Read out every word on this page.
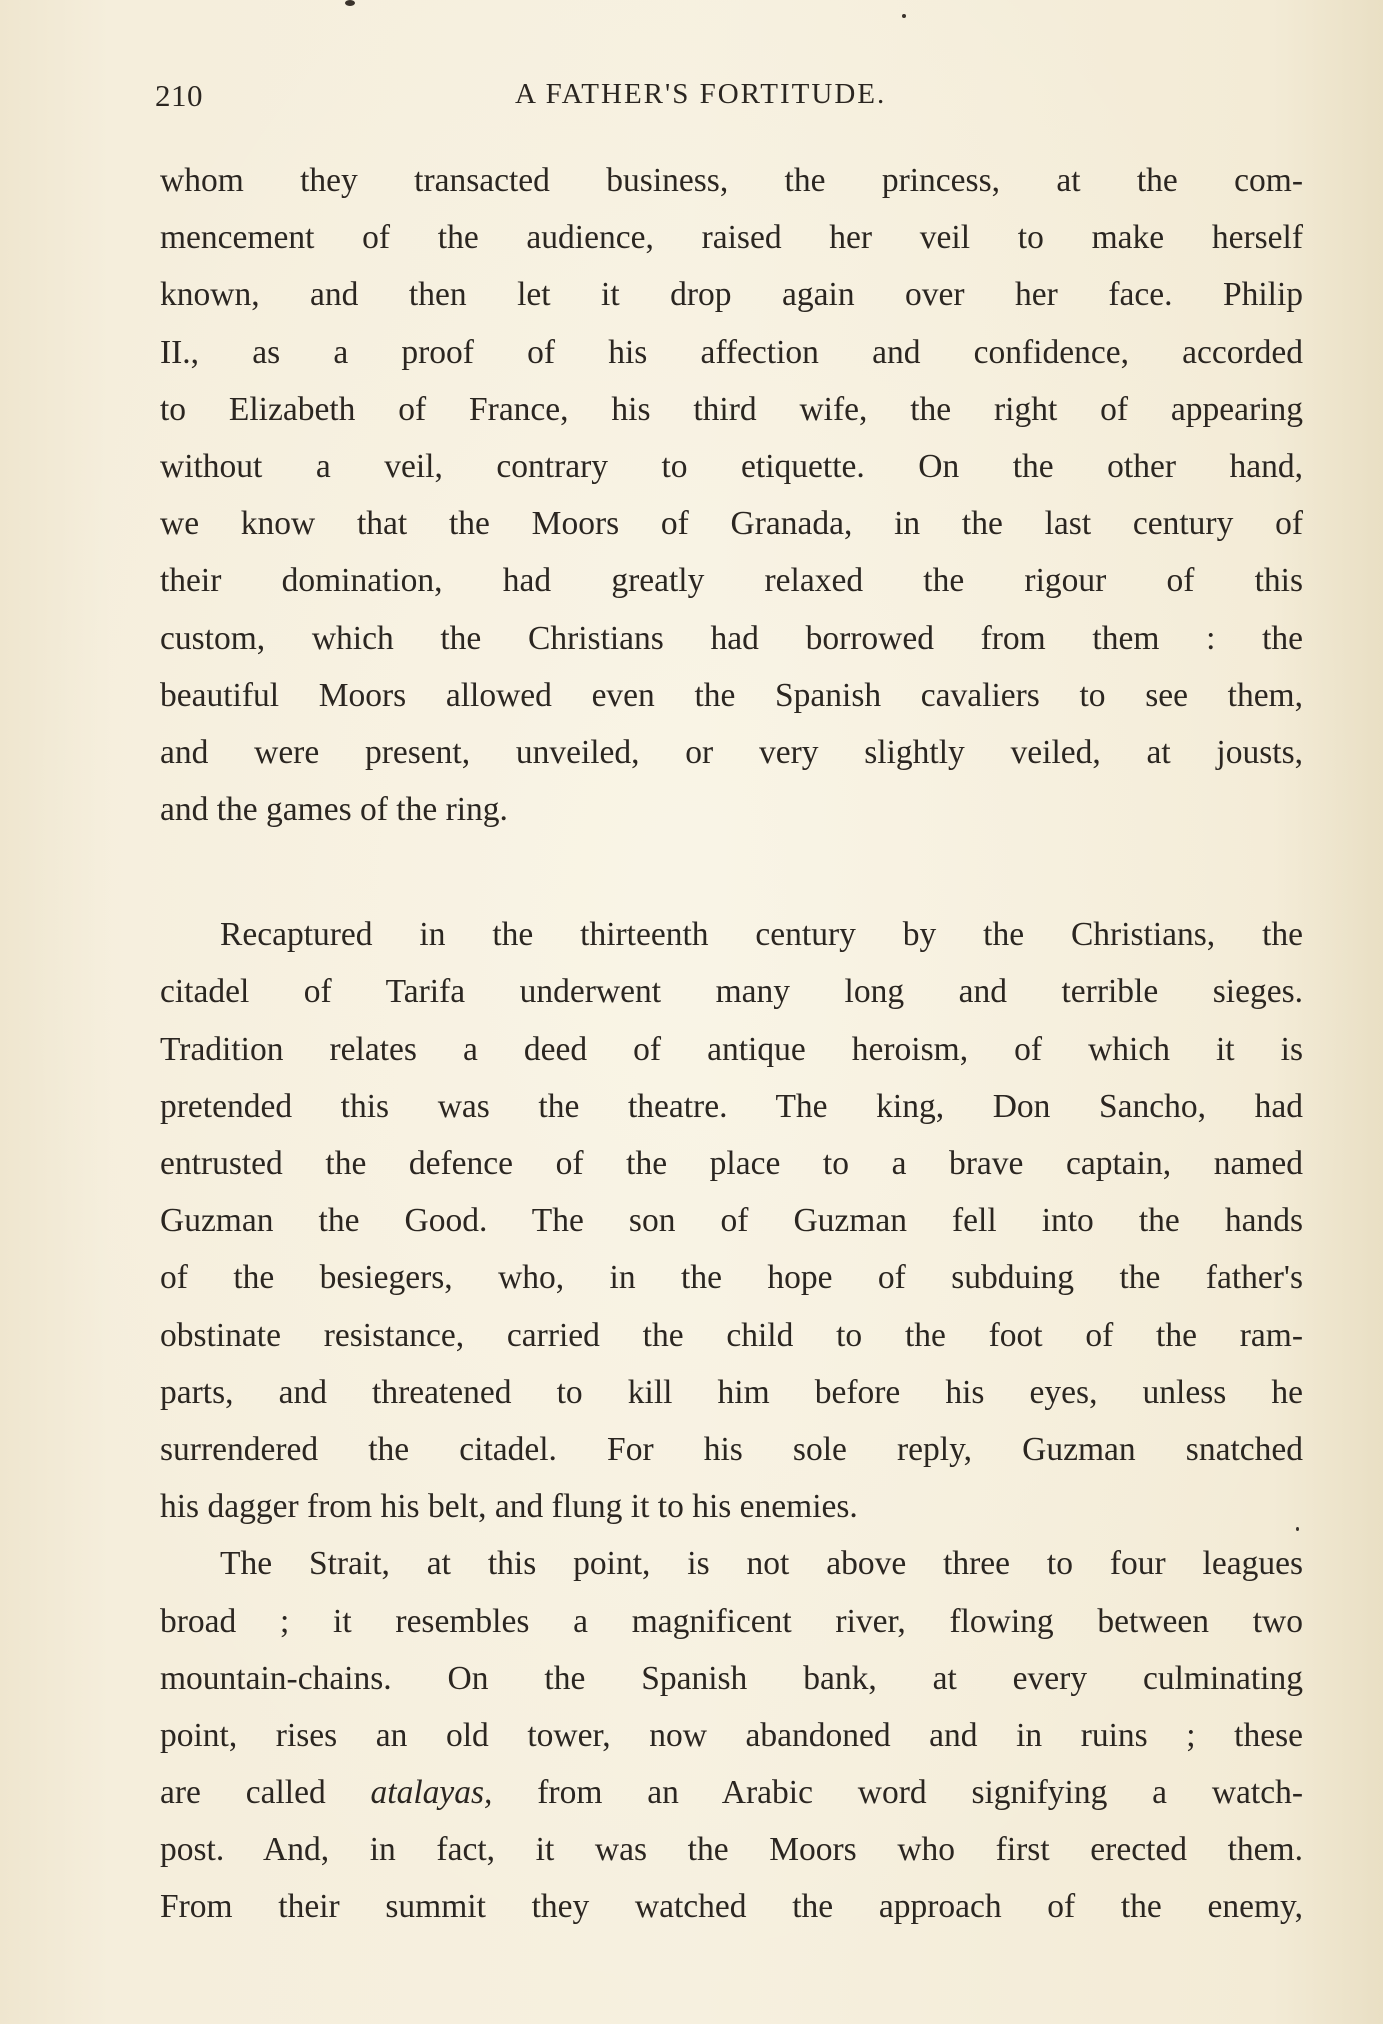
210	A FATHER'S FORTITUDE.
whom they transacted business, the princess, at the com-
mencement of the audience, raised her veil to make herself
known, and then let it drop again over her face. Philip
II., as a proof of his affection and confidence, accorded
to Elizabeth of France, his third wife, the right of appearing
without a veil, contrary to etiquette. On the other hand,
we know that the Moors of Granada, in the last century of
their domination, had greatly relaxed the rigour of this
custom, which the Christians had borrowed from them : the
beautiful Moors allowed even the Spanish cavaliers to see them,
and were present, unveiled, or very slightly veiled, at jousts,
and the games of the ring.
Recaptured in the thirteenth century by the Christians, the
citadel of Tarifa underwent many long and terrible sieges.
Tradition relates a deed of antique heroism, of which it is
pretended this was the theatre. The king, Don Sancho, had
entrusted the defence of the place to a brave captain, named
Guzman the Good. The son of Guzman fell into the hands
of the besiegers, who, in the hope of subduing the father's
obstinate resistance, carried the child to the foot of the ram-
parts, and threatened to kill him before his eyes, unless he
surrendered the citadel. For his sole reply, Guzman snatched
his dagger from his belt, and flung it to his enemies.
The Strait, at this point, is not above three to four leagues
broad ; it resembles a magnificent river, flowing between two
mountain-chains. On the Spanish bank, at every culminating
point, rises an old tower, now abandoned and in ruins ; these
are called atalayas, from an Arabic word signifying a watch-
post. And, in fact, it was the Moors who first erected them.
From their summit they watched the approach of the enemy,
